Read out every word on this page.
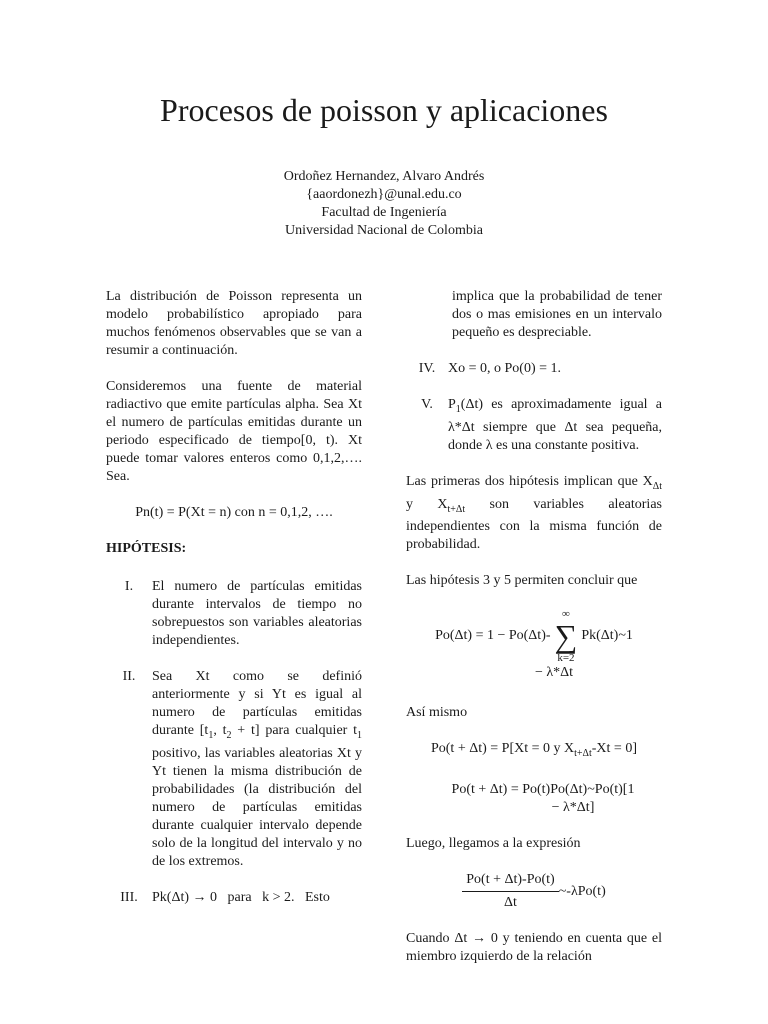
Procesos de poisson y aplicaciones
Ordoñez Hernandez, Alvaro Andrés
{aaordonezh}@unal.edu.co
Facultad de Ingeniería
Universidad Nacional de Colombia

La distribución de Poisson representa un modelo probabilístico apropiado para muchos fenómenos observables que se van a resumir a continuación.

Consideremos una fuente de material radiactivo que emite partículas alpha. Sea Xt el numero de partículas emitidas durante un periodo especificado de tiempo[0, t). Xt puede tomar valores enteros como 0,1,2,…. Sea.

Pn(t) = P(Xt = n) con n = 0,1,2, ….
HIPÓTESIS:
I.	El numero de partículas emitidas durante intervalos de tiempo no sobrepuestos son variables aleatorias independientes.
II.	Sea Xt como se definió anteriormente y si Yt es igual al numero de partículas emitidas durante [$t_1$, $t_2 + t$] para cualquier $t_1$ positivo, las variables aleatorias Xt y Yt tienen la misma distribución de probabilidades (la distribución del numero de partículas emitidas durante cualquier intervalo depende solo de la longitud del intervalo y no de los extremos.
III.	Pk(Δt) → 0   para   k > 2.   Esto
implica que la probabilidad de tener dos o mas emisiones en un intervalo pequeño es despreciable.
IV. Xo = 0, o Po(0) = 1.
V.	$P_1(\Delta t)$ es aproximadamente igual a λ*Δt siempre que Δt sea pequeña, donde λ es una constante positiva.

Las primeras dos hipótesis implican que $X_{\Delta t}$ y $X_{t+\Delta t}$ son variables aleatorias independientes con la misma función de probabilidad.

Las hipótesis 3 y 5 permiten concluir que

Po(Δt) = 1 − Po(Δt)-
∞
∑
k=2
Pk(Δt)~1
− λ*Δt

Así mismo

Po(t + Δt) = P[Xt = 0 y $X_{t+\Delta t}-Xt = 0$]
Po(t + Δt) = Po(t)Po(Δt)~Po(t)[1
− λ*Δt]

Luego, llegamos a la expresión

$\frac{Po(t + \Delta t)-Po(t)}{\Delta t}$ ~-λPo(t)

Cuando Δt → 0 y teniendo en cuenta que el miembro izquierdo de la relación
